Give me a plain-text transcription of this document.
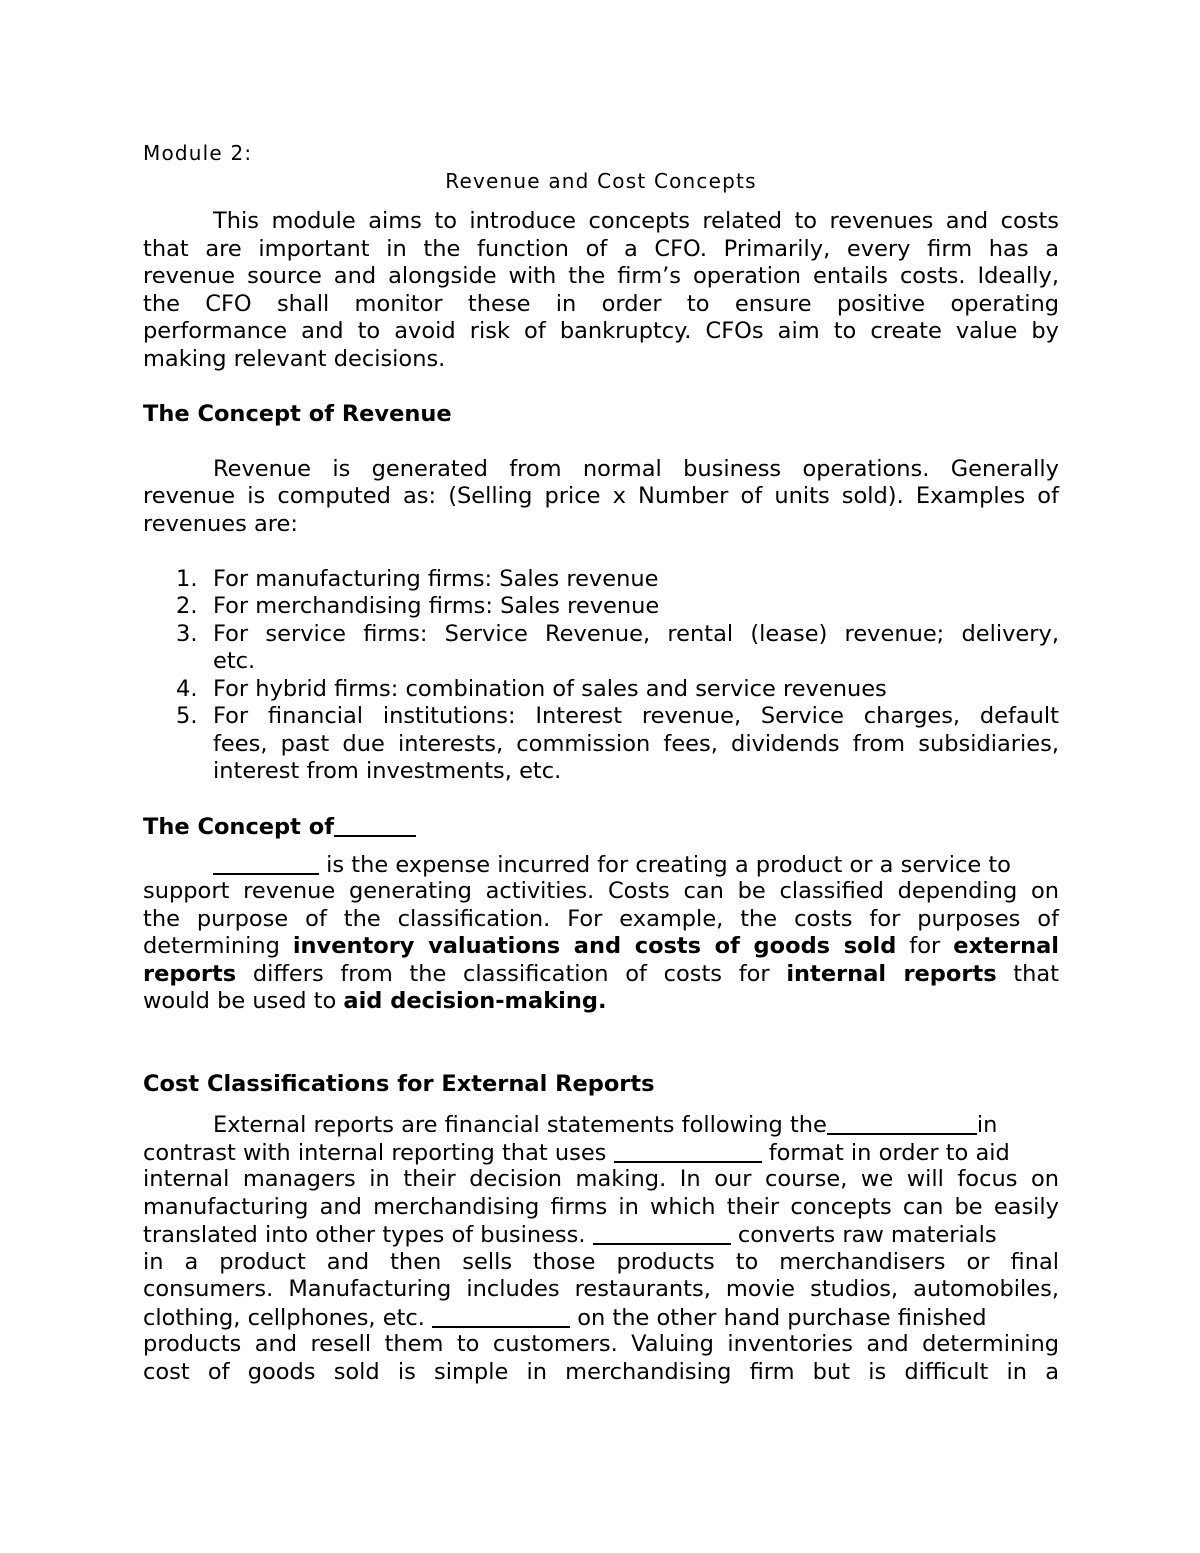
Module 2:
Revenue and Cost Concepts
This module aims to introduce concepts related to revenues and costs
that are important in the function of a CFO. Primarily, every firm has a
revenue source and alongside with the firm’s operation entails costs. Ideally,
the CFO shall monitor these in order to ensure positive operating
performance and to avoid risk of bankruptcy. CFOs aim to create value by
making relevant decisions.
The Concept of Revenue
Revenue is generated from normal business operations. Generally
revenue is computed as: (Selling price x Number of units sold). Examples of
revenues are:
1. For manufacturing firms: Sales revenue
2. For merchandising firms: Sales revenue
3. For service firms: Service Revenue, rental (lease) revenue; delivery,
etc.
4. For hybrid firms: combination of sales and service revenues
5. For financial institutions: Interest revenue, Service charges, default
fees, past due interests, commission fees, dividends from subsidiaries,
interest from investments, etc.
The Concept of
is the expense incurred for creating a product or a service to
support revenue generating activities. Costs can be classified depending on
the purpose of the classification. For example, the costs for purposes of
determining inventory valuations and costs of goods sold for external
reports differs from the classification of costs for internal reports that
would be used to aid decision-making.
Cost Classifications for External Reports
External reports are financial statements following the	in
contrast with internal reporting that uses	format in order to aid
internal managers in their decision making. In our course, we will focus on
manufacturing and merchandising firms in which their concepts can be easily
translated into other types of business.	converts raw materials
in a product and then sells those products to merchandisers or final
consumers. Manufacturing includes restaurants, movie studios, automobiles,
clothing, cellphones, etc.	on the other hand purchase finished
products and resell them to customers. Valuing inventories and determining
cost of goods sold is simple in merchandising firm but is difficult in a
